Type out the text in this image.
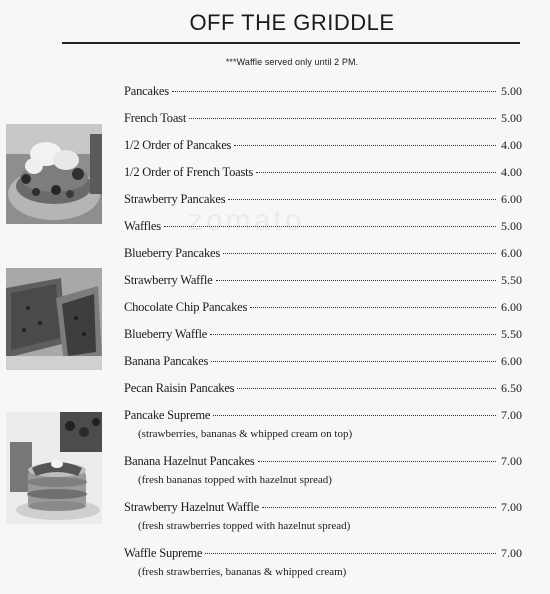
OFF THE GRIDDLE
***Waffle served only until 2 PM.
zomato
Pancakes	5.00
French Toast	5.00
1/2 Order of Pancakes	4.00
1/2 Order of French Toasts	4.00
Strawberry Pancakes	6.00
Waffles	5.00
Blueberry Pancakes	6.00
Strawberry Waffle	5.50
Chocolate Chip Pancakes	6.00
Blueberry Waffle	5.50
Banana Pancakes	6.00
Pecan Raisin Pancakes	6.50
Pancake Supreme	7.00
(strawberries, bananas & whipped cream on top)
Banana Hazelnut Pancakes	7.00
(fresh bananas topped with hazelnut spread)
Strawberry Hazelnut Waffle	7.00
(fresh strawberries topped with hazelnut spread)
Waffle Supreme	7.00
(fresh strawberries, bananas & whipped cream)
